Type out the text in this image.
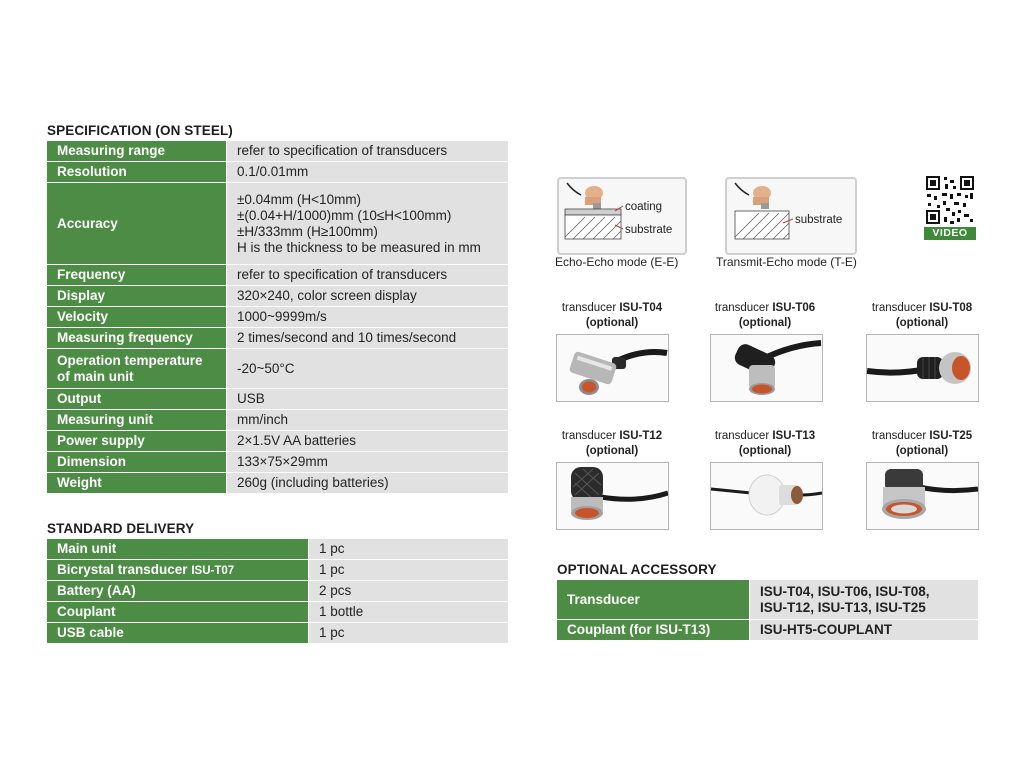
SPECIFICATION (ON STEEL)
Measuring range	refer to specification of transducers
Resolution	0.1/0.01mm
Accuracy	±0.04mm (H<10mm)
±(0.04+H/1000)mm (10≤H<100mm)
±H/333mm (H≥100mm)
H is the thickness to be measured in mm

Frequency	refer to specification of transducers
Display	320×240, color screen display
Velocity	1000~9999m/s
Measuring frequency	2 times/second and 10 times/second

Operation temperature
of main unit	-20~50°C
Output	USB
Measuring unit	mm/inch
Power supply	2×1.5V AA batteries
Dimension	133×75×29mm
Weight	260g (including batteries)
STANDARD DELIVERY
Main unit	1 pc
Bicrystal transducer ISU-T07	1 pc
Battery (AA)	2 pcs
Couplant	1 bottle
USB cable	1 pc
coating
substrate
Echo-Echo mode (E-E)
substrate
Transmit-Echo mode (T-E)
VIDEO
transducer ISU-T04
(optional)
transducer ISU-T06
(optional)
transducer ISU-T08
(optional)
transducer ISU-T12
(optional)
transducer ISU-T13
(optional)
transducer ISU-T25
(optional)
OPTIONAL ACCESSORY
Transducer	ISU-T04, ISU-T06, ISU-T08,
ISU-T12, ISU-T13, ISU-T25

Couplant (for ISU-T13)	ISU-HT5-COUPLANT
